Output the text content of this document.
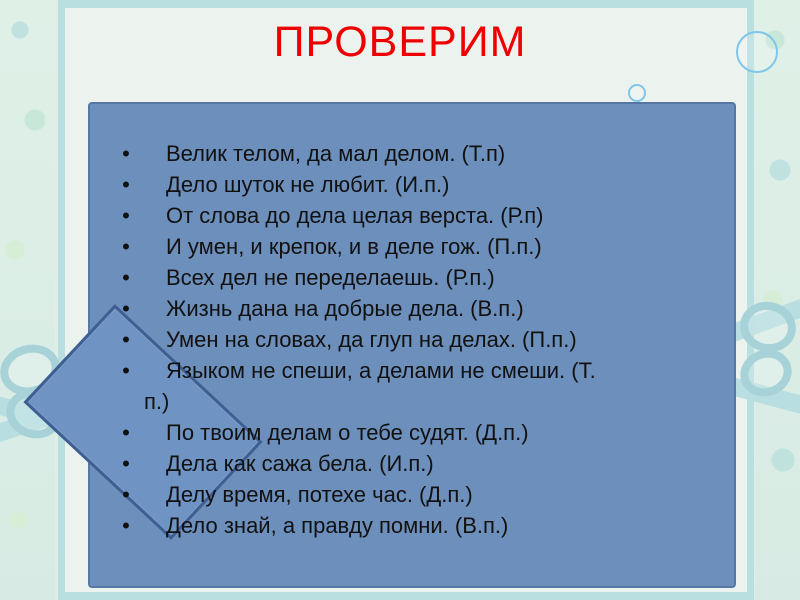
ПРОВЕРИМ
• Велик телом, да мал делом. (Т.п)
• Дело шуток не любит. (И.п.)
• От слова до дела целая верста. (Р.п)
• И умен, и крепок, и в деле гож. (П.п.)
• Всех дел не переделаешь. (Р.п.)
• Жизнь дана на добрые дела. (В.п.)
• Умен на словах, да глуп на делах. (П.п.)
• Языком не спеши, а делами не смеши. (Т.
п.)
• По твоим делам о тебе судят. (Д.п.)
• Дела как сажа бела. (И.п.)
• Делу время, потехе час. (Д.п.)
• Дело знай, а правду помни. (В.п.)
